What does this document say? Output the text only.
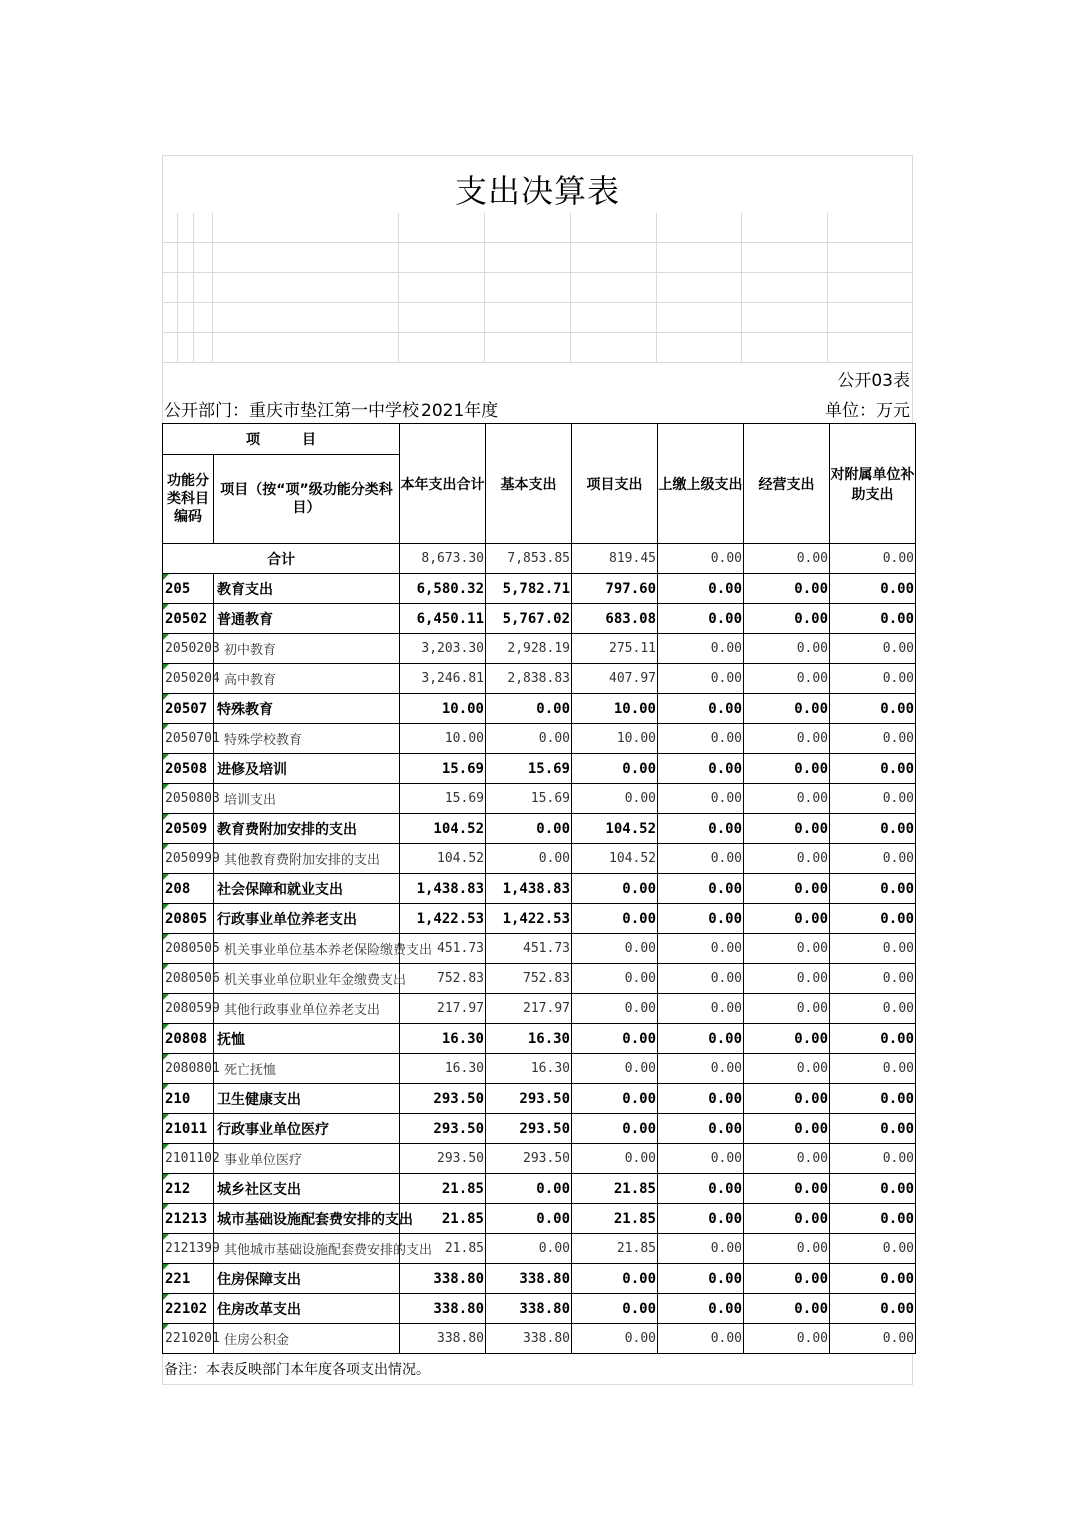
支出决算表
公开03表
公开部门：重庆市垫江第一中学校 2021年度	单位：万元
项　　　目		本年支出合计	基本支出	项目支出	上缴上级支出	经营支出	对附属单位补助支出
功能分类科目编码	项目（按“项”级功能分类科目）						
合计		8,673.30	7,853.85	819.45	0.00	0.00	0.00
205	教育支出	6,580.32	5,782.71	797.60	0.00	0.00	0.00
20502	普通教育	6,450.11	5,767.02	683.08	0.00	0.00	0.00
2050203	初中教育	3,203.30	2,928.19	275.11	0.00	0.00	0.00
2050204	高中教育	3,246.81	2,838.83	407.97	0.00	0.00	0.00
20507	特殊教育	10.00	0.00	10.00	0.00	0.00	0.00
2050701	特殊学校教育	10.00	0.00	10.00	0.00	0.00	0.00
20508	进修及培训	15.69	15.69	0.00	0.00	0.00	0.00
2050803	培训支出	15.69	15.69	0.00	0.00	0.00	0.00
20509	教育费附加安排的支出	104.52	0.00	104.52	0.00	0.00	0.00
2050999	其他教育费附加安排的支出	104.52	0.00	104.52	0.00	0.00	0.00
208	社会保障和就业支出	1,438.83	1,438.83	0.00	0.00	0.00	0.00
20805	行政事业单位养老支出	1,422.53	1,422.53	0.00	0.00	0.00	0.00
2080505	机关事业单位基本养老保险缴费支出	451.73	451.73	0.00	0.00	0.00	0.00
2080506	机关事业单位职业年金缴费支出	752.83	752.83	0.00	0.00	0.00	0.00
2080599	其他行政事业单位养老支出	217.97	217.97	0.00	0.00	0.00	0.00
20808	抚恤	16.30	16.30	0.00	0.00	0.00	0.00
2080801	死亡抚恤	16.30	16.30	0.00	0.00	0.00	0.00
210	卫生健康支出	293.50	293.50	0.00	0.00	0.00	0.00
21011	行政事业单位医疗	293.50	293.50	0.00	0.00	0.00	0.00
2101102	事业单位医疗	293.50	293.50	0.00	0.00	0.00	0.00
212	城乡社区支出	21.85	0.00	21.85	0.00	0.00	0.00
21213	城市基础设施配套费安排的支出	21.85	0.00	21.85	0.00	0.00	0.00
2121399	其他城市基础设施配套费安排的支出	21.85	0.00	21.85	0.00	0.00	0.00
221	住房保障支出	338.80	338.80	0.00	0.00	0.00	0.00
22102	住房改革支出	338.80	338.80	0.00	0.00	0.00	0.00
2210201	住房公积金	338.80	338.80	0.00	0.00	0.00	0.00
备注：本表反映部门本年度各项支出情况。
